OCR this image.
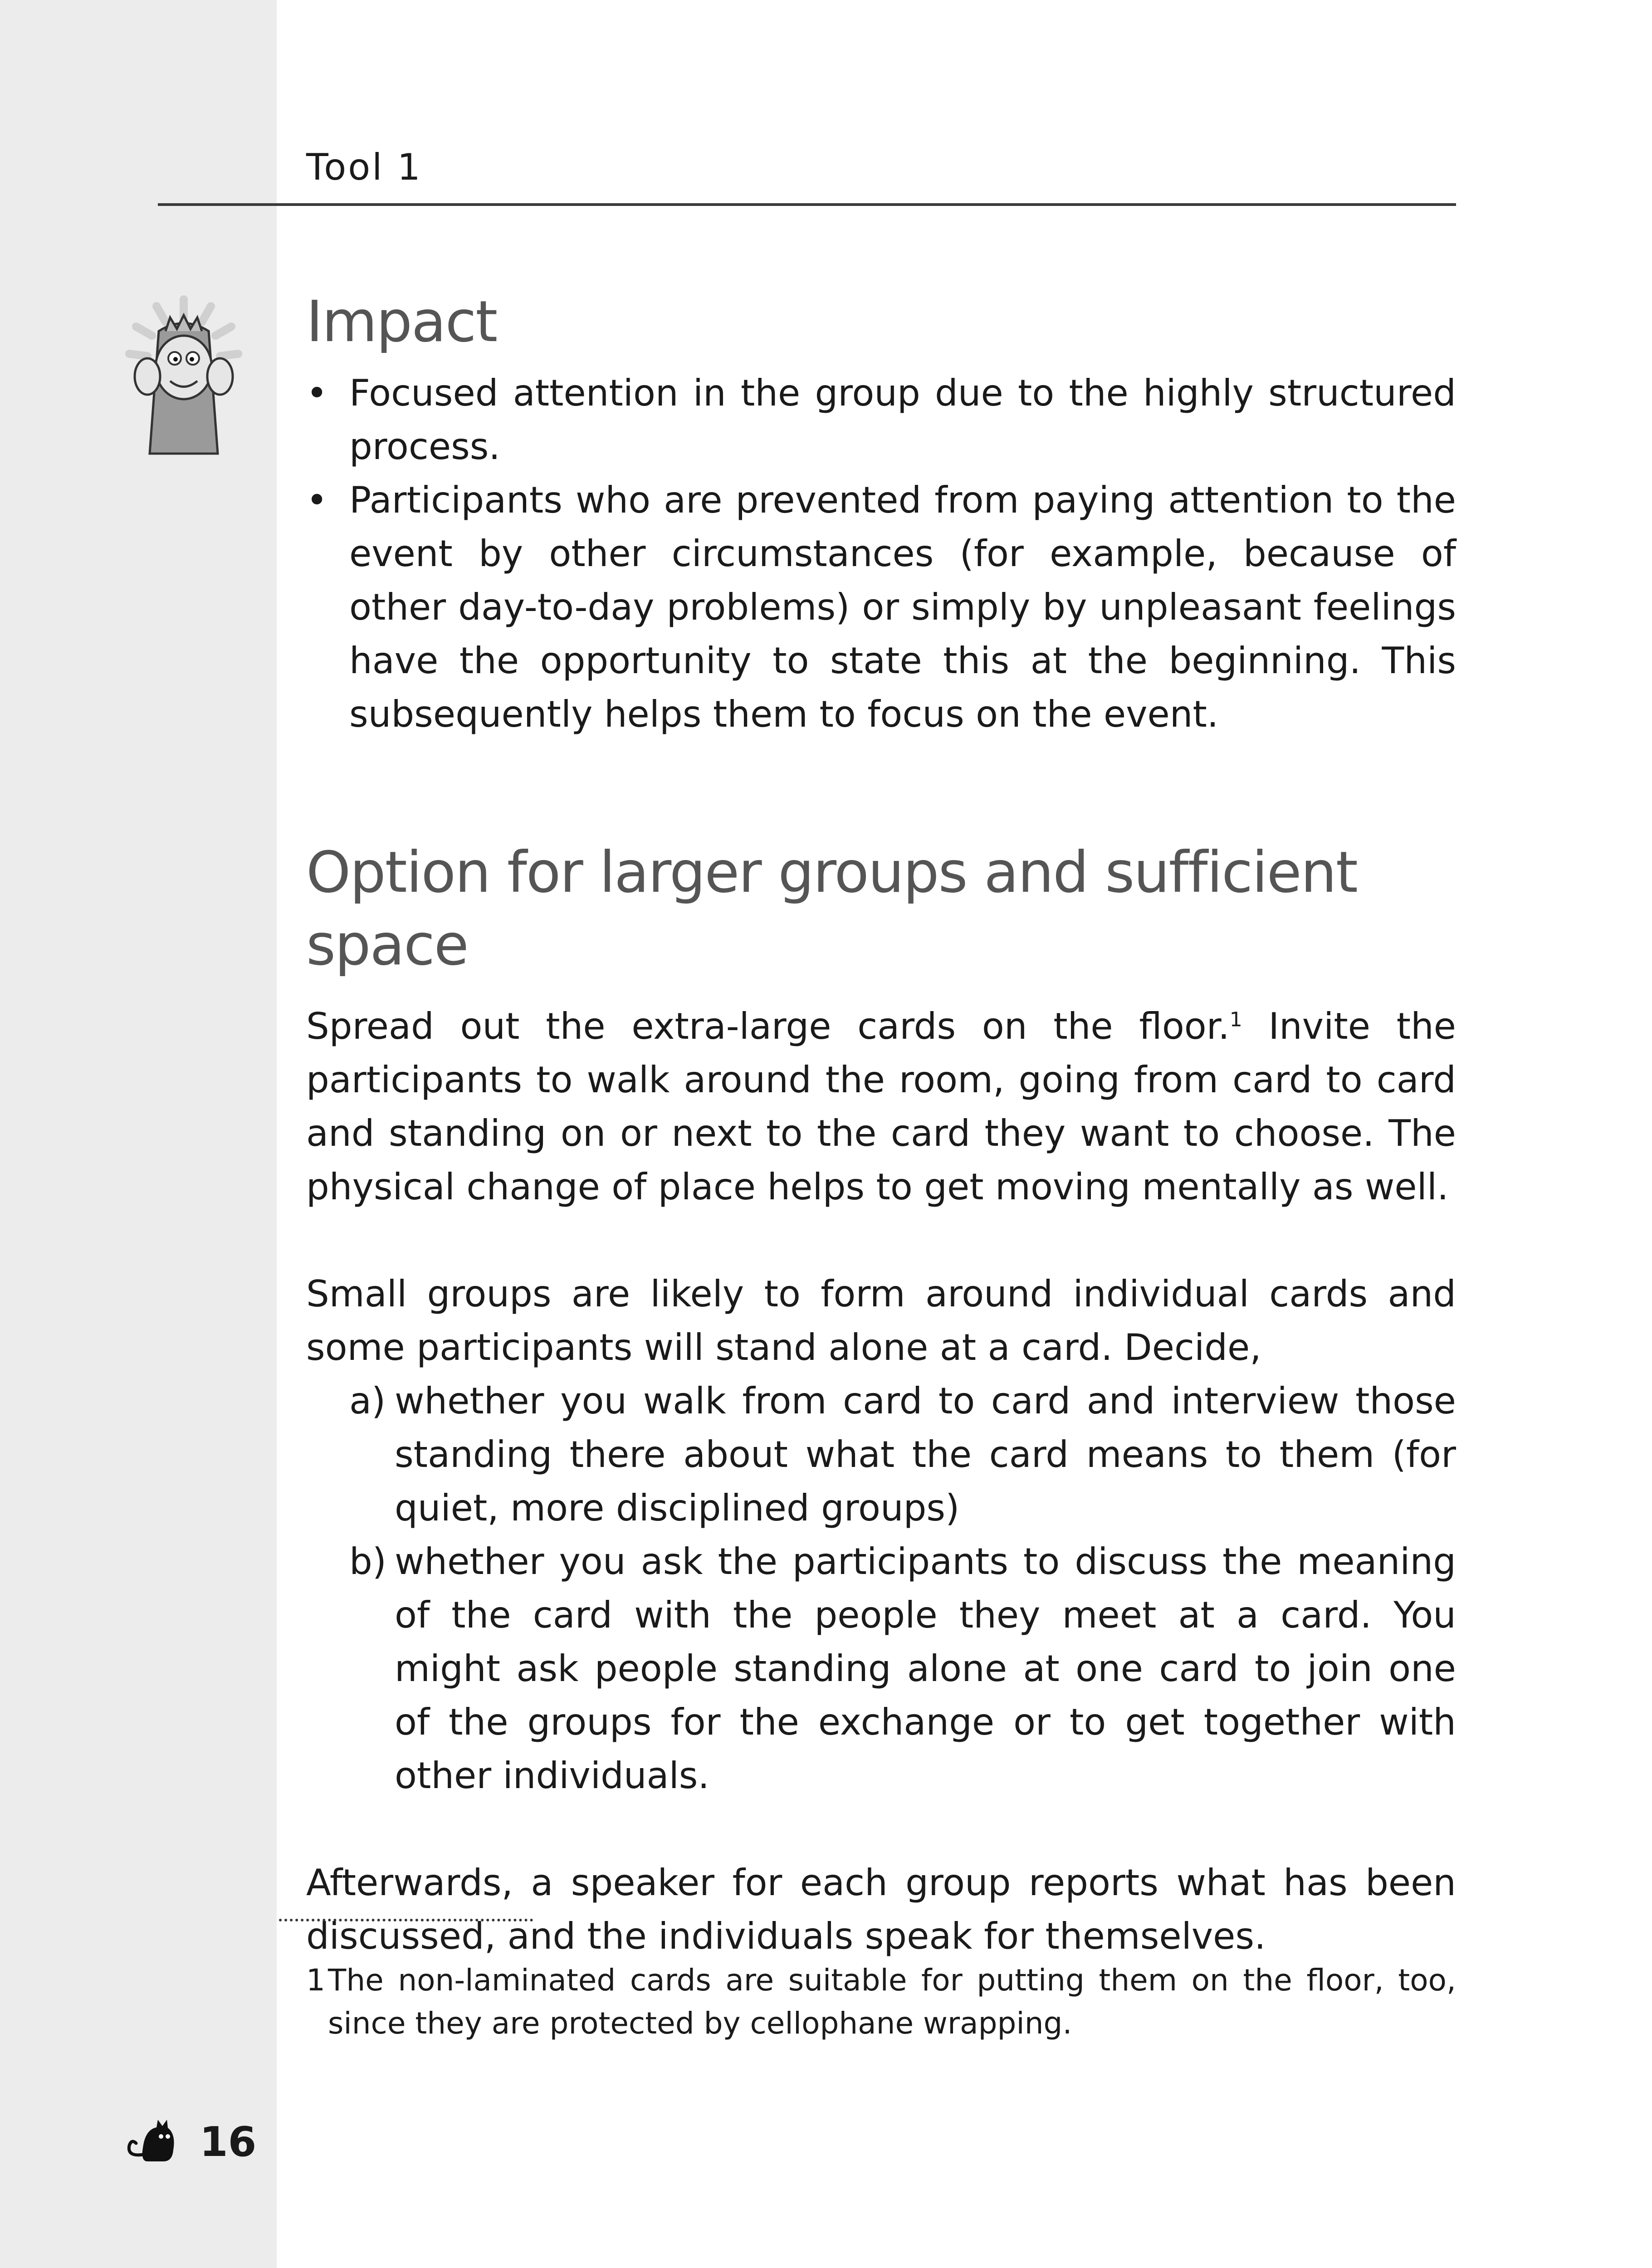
Tool 1
Impact
• Focused attention in the group due to the highly structured process.
• Participants who are prevented from paying attention to the event by other circumstances (for example, because of other day-to-day problems) or simply by unpleasant feelings have the opportunity to state this at the beginning. This subsequently helps them to focus on the event.
Option for larger groups and sufficient space

Spread out the extra-large cards on the floor.$^1$ Invite the participants to walk around the room, going from card to card and standing on or next to the card they want to choose. The physical change of place helps to get moving mentally as well.

Small groups are likely to form around individual cards and some participants will stand alone at a card. Decide,

a) whether you walk from card to card and interview those standing there about what the card means to them (for quiet, more disciplined groups)
b) whether you ask the participants to discuss the meaning of the card with the people they meet at a card. You might ask people standing alone at one card to join one of the groups for the exchange or to get together with other individuals.

Afterwards, a speaker for each group reports what has been discussed, and the individuals speak for themselves.

1 The non-laminated cards are suitable for putting them on the floor, too, since they are protected by cellophane wrapping.
16
